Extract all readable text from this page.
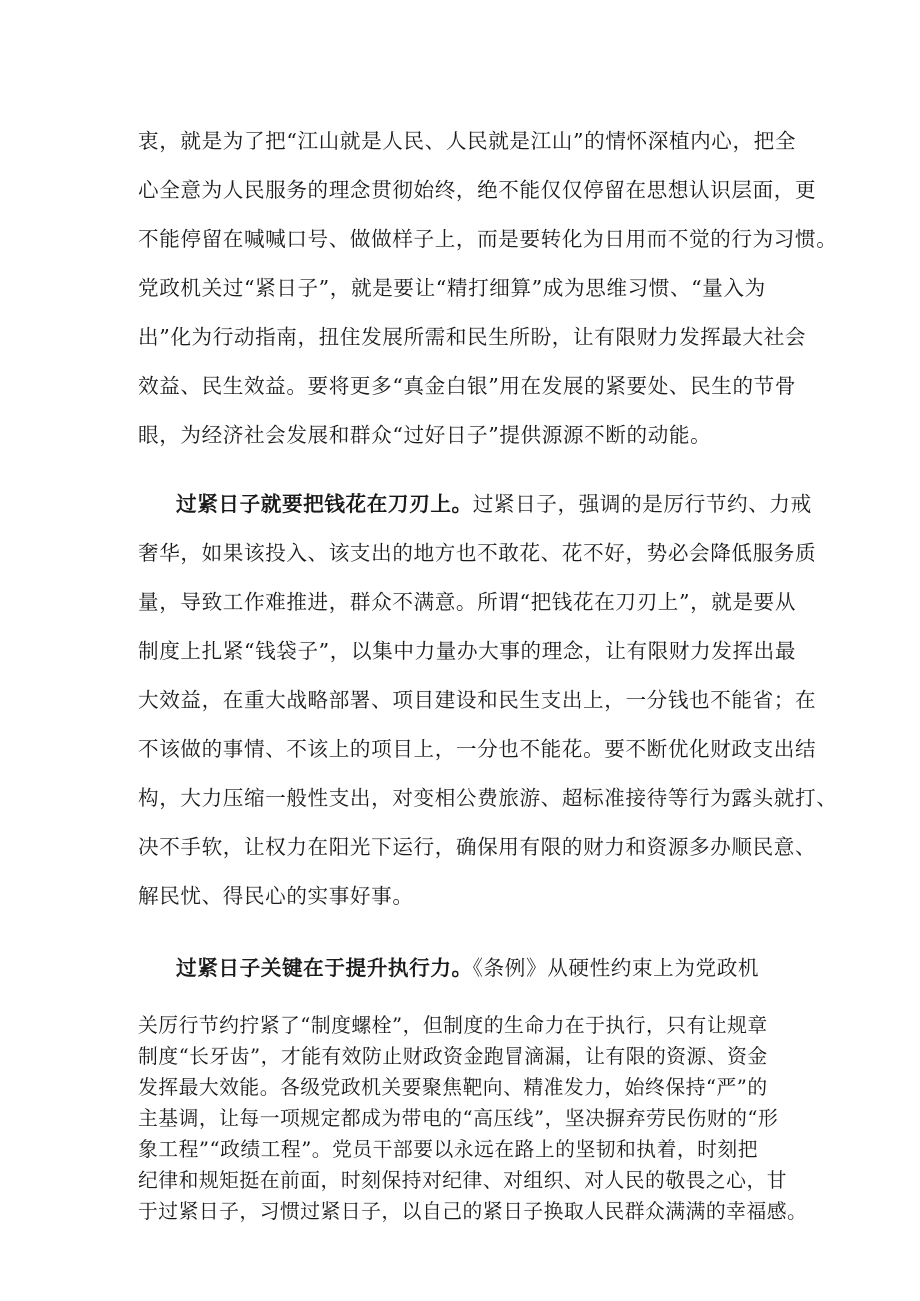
衷，就是为了把“江山就是人民、人民就是江山”的情怀深植内心，把全
心全意为人民服务的理念贯彻始终，绝不能仅仅停留在思想认识层面，更
不能停留在喊喊口号、做做样子上，而是要转化为日用而不觉的行为习惯。
党政机关过“紧日子”，就是要让“精打细算”成为思维习惯、“量入为
出”化为行动指南，扭住发展所需和民生所盼，让有限财力发挥最大社会
效益、民生效益。要将更多“真金白银”用在发展的紧要处、民生的节骨
眼，为经济社会发展和群众“过好日子”提供源源不断的动能。
过紧日子就要把钱花在刀刃上。过紧日子，强调的是厉行节约、力戒
奢华，如果该投入、该支出的地方也不敢花、花不好，势必会降低服务质
量，导致工作难推进，群众不满意。所谓“把钱花在刀刃上”，就是要从
制度上扎紧“钱袋子”，以集中力量办大事的理念，让有限财力发挥出最
大效益，在重大战略部署、项目建设和民生支出上，一分钱也不能省；在
不该做的事情、不该上的项目上，一分也不能花。要不断优化财政支出结
构，大力压缩一般性支出，对变相公费旅游、超标准接待等行为露头就打、
决不手软，让权力在阳光下运行，确保用有限的财力和资源多办顺民意、
解民忧、得民心的实事好事。
过紧日子关键在于提升执行力。《条例》从硬性约束上为党政机
关厉行节约拧紧了“制度螺栓”，但制度的生命力在于执行，只有让规章
制度“长牙齿”，才能有效防止财政资金跑冒滴漏，让有限的资源、资金
发挥最大效能。各级党政机关要聚焦靶向、精准发力，始终保持“严”的
主基调，让每一项规定都成为带电的“高压线”，坚决摒弃劳民伤财的“形
象工程”“政绩工程”。党员干部要以永远在路上的坚韧和执着，时刻把
纪律和规矩挺在前面，时刻保持对纪律、对组织、对人民的敬畏之心，甘
于过紧日子，习惯过紧日子，以自己的紧日子换取人民群众满满的幸福感。
